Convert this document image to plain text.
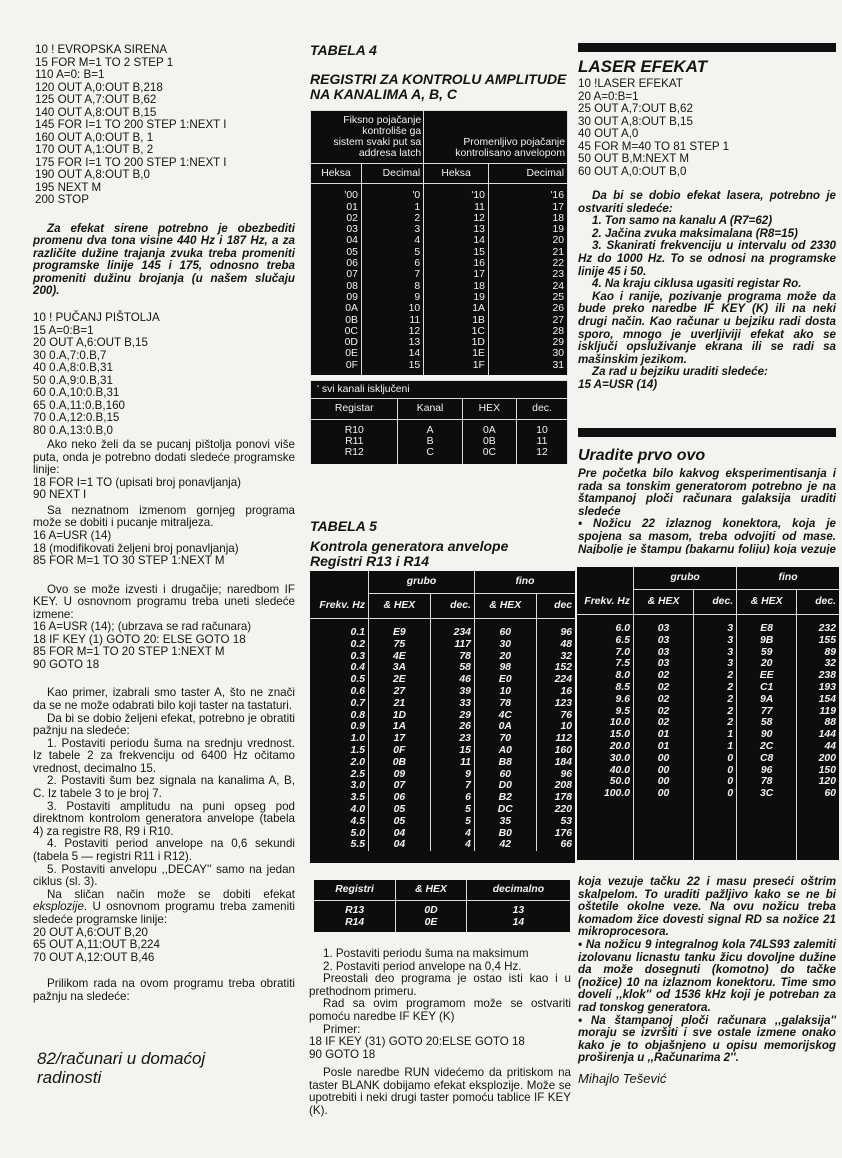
10 ! EVROPSKA SIRENA
15 FOR M=1 TO 2 STEP 1
110 A=0: B=1
120 OUT A,0:OUT B,218
125 OUT A,7:OUT B,62
140 OUT A,8:OUT B,15
145 FOR I=1 TO 200 STEP 1:NEXT I
160 OUT A,0:OUT B, 1
170 OUT A,1:OUT B, 2
175 FOR I=1 TO 200 STEP 1:NEXT I
190 OUT A,8:OUT B,0
195 NEXT M
200 STOP
Za efekat sirene potrebno je obezbediti promenu dva tona visine 440 Hz i 187 Hz, a za različite dužine trajanja zvuka treba promeniti programske linije 145 i 175, odnosno treba promeniti dužinu brojanja (u našem slučaju 200).
10 ! PUČANJ PIŠTOLJA
15 A=0:B=1
20 OUT A,6:OUT B,15
30 0.A,7:0.B,7
40 0.A,8:0.B,31
50 0.A,9:0.B,31
60 0.A,10:0.B,31
65 0.A,11:0.B,160
70 0.A,12:0.B,15
80 0.A,13:0.B,0
Ako neko želi da se pucanj pištolja ponovi više puta, onda je potrebno dodati sledeće programske linije:
18 FOR I=1 TO (upisati broj ponavljanja)
90 NEXT I
Sa neznatnom izmenom gornjeg programa može se dobiti i pucanje mitraljeza.
16 A=USR (14)
18 (modifikovati željeni broj ponavljanja)
85 FOR M=1 TO 30 STEP 1:NEXT M
Ovo se može izvesti i drugačije; naredbom IF KEY. U osnovnom programu treba uneti sledeće izmene:
16 A=USR (14); (ubrzava se rad računara)
18 IF KEY (1) GOTO 20: ELSE GOTO 18
85 FOR M=1 TO 20 STEP 1:NEXT M
90 GOTO 18
Kao primer, izabrali smo taster A, što ne znači da se ne može odabrati bilo koji taster na tastaturi.
Da bi se dobio željeni efekat, potrebno je obratiti pažnju na sledeće:
1. Postaviti periodu šuma na srednju vrednost. Iz tabele 2 za frekvenciju od 6400 Hz očitamo vrednost, decimalno 15.
2. Postaviti šum bez signala na kanalima A, B, C. Iz tabele 3 to je broj 7.
3. Postaviti amplitudu na puni opseg pod direktnom kontrolom generatora anvelope (tabela 4) za registre R8, R9 i R10.
4. Postaviti period anvelope na 0,6 sekundi (tabela 5 — registri R11 i R12).
5. Postaviti anvelopu ,,DECAY'' samo na jedan ciklus (sl. 3).
Na sličan način može se dobiti efekat eksplozije. U osnovnom programu treba zameniti sledeće programske linije:
20 OUT A,6:OUT B,20
65 OUT A,11:OUT B,224
70 OUT A,12:OUT B,46
Prilikom rada na ovom programu treba obratiti pažnju na sledeće:
82/računari u domaćoj
radinosti
TABELA 4
REGISTRI ZA KONTROLU AMPLITUDE NA KANALIMA A, B, C
Fiksno pojačanje kontroliše ga sistem svaki put sa addresa latch		Promenljivo pojačanje kontrolisano anvelopom	
Heksa	Decimal	Heksa	Decimal
'00	'0	'10	'16
01	1	11	17
02	2	12	18
03	3	13	19
04	4	14	20
05	5	15	21
06	6	16	22
07	7	17	23
08	8	18	24
09	9	19	25
0A	10	1A	26
0B	11	1B	27
0C	12	1C	28
0D	13	1D	29
0E	14	1E	30
0F	15	1F	31
' svi kanali isključeni			
Registar	Kanal	HEX	dec.
R10	A	0A	10
R11	B	0B	11
R12	C	0C	12
TABELA 5
Kontrola generatora anvelope
Registri R13 i R14
	grubo		fino	
Frekv. Hz	& HEX	dec.	& HEX	dec
0.1	E9	234	60	96
0.2	75	117	30	48
0.3	4E	78	20	32
0.4	3A	58	98	152
0.5	2E	46	E0	224
0.6	27	39	10	16
0.7	21	33	78	123
0.8	1D	29	4C	76
0.9	1A	26	0A	10
1.0	17	23	70	112
1.5	0F	15	A0	160
2.0	0B	11	B8	184
2.5	09	9	60	96
3.0	07	7	D0	208
3.5	06	6	B2	178
4.0	05	5	DC	220
4.5	05	5	35	53
5.0	04	4	B0	176
5.5	04	4	42	66

	grubo		fino	
Frekv. Hz	& HEX	dec.	& HEX	dec.
6.0	03	3	E8	232
6.5	03	3	9B	155
7.0	03	3	59	89
7.5	03	3	20	32
8.0	02	2	EE	238
8.5	02	2	C1	193
9.6	02	2	9A	154
9.5	02	2	77	119
10.0	02	2	58	88
15.0	01	1	90	144
20.0	01	1	2C	44
30.0	00	0	C8	200
40.0	00	0	96	150
50.0	00	0	78	120
100.0	00	0	3C	60

Registri	& HEX	decimalno
R13	0D	13
R14	0E	14
1. Postaviti periodu šuma na maksimum
2. Postaviti period anvelope na 0,4 Hz.
Preostali deo programa je ostao isti kao i u prethodnom primeru.
Rad sa ovim programom može se ostvariti pomoću naredbe IF KEY (K)
Primer:
18 IF KEY (31) GOTO 20:ELSE GOTO 18
90 GOTO 18
Posle naredbe RUN videćemo da pritiskom na taster BLANK dobijamo efekat eksplozije. Može se upotrebiti i neki drugi taster pomoću tablice IF KEY (K).
LASER EFEKAT
10 !LASER EFEKAT
20 A=0:B=1
25 OUT A,7:OUT B,62
30 OUT A,8:OUT B,15
40 OUT A,0
45 FOR M=40 TO 81 STEP 1
50 OUT B,M:NEXT M
60 OUT A,0:OUT B,0
Da bi se dobio efekat lasera, potrebno je ostvariti sledeće:
1. Ton samo na kanalu A (R7=62)
2. Jačina zvuka maksimalana (R8=15)
3. Skanirati frekvenciju u intervalu od 2330 Hz do 1000 Hz. To se odnosi na programske linije 45 i 50.
4. Na kraju ciklusa ugasiti registar Ro.
Kao i ranije, pozivanje programa može da bude preko naredbe IF KEY (K) ili na neki drugi način. Kao računar u bejziku radi dosta sporo, mnogo je uverljiviji efekat ako se isključi opsluživanje ekrana ili se radi sa mašinskim jezikom.
Za rad u bejziku uraditi sledeće:
15 A=USR (14)
Uradite prvo ovo
Pre početka bilo kakvog eksperimentisanja i rada sa tonskim generatorom potrebno je na štampanoj ploči računara galaksija uraditi sledeće
• Nožicu 22 izlaznog konektora, koja je spojena sa masom, treba odvojiti od mase. Najbolje je štampu (bakarnu foliju) koja vezuje
koja vezuje tačku 22 i masu preseći oštrim skalpelom. To uraditi pažljivo kako se ne bi oštetile okolne veze. Na ovu nožicu treba komadom žice dovesti signal RD sa nožice 21 mikroprocesora.
• Na nožicu 9 integralnog kola 74LS93 zalemiti izolovanu licnastu tanku žicu dovoljne dužine da može dosegnuti (komotno) do tačke (nožice) 10 na izlaznom konektoru. Time smo doveli ,,klok'' od 1536 kHz koji je potreban za rad tonskog generatora.
• Na štampanoj ploči računara ,,galaksija'' moraju se izvršiti i sve ostale izmene onako kako je to objašnjeno u opisu memorijskog proširenja u ,,Računarima 2''.
Mihajlo Tešević
